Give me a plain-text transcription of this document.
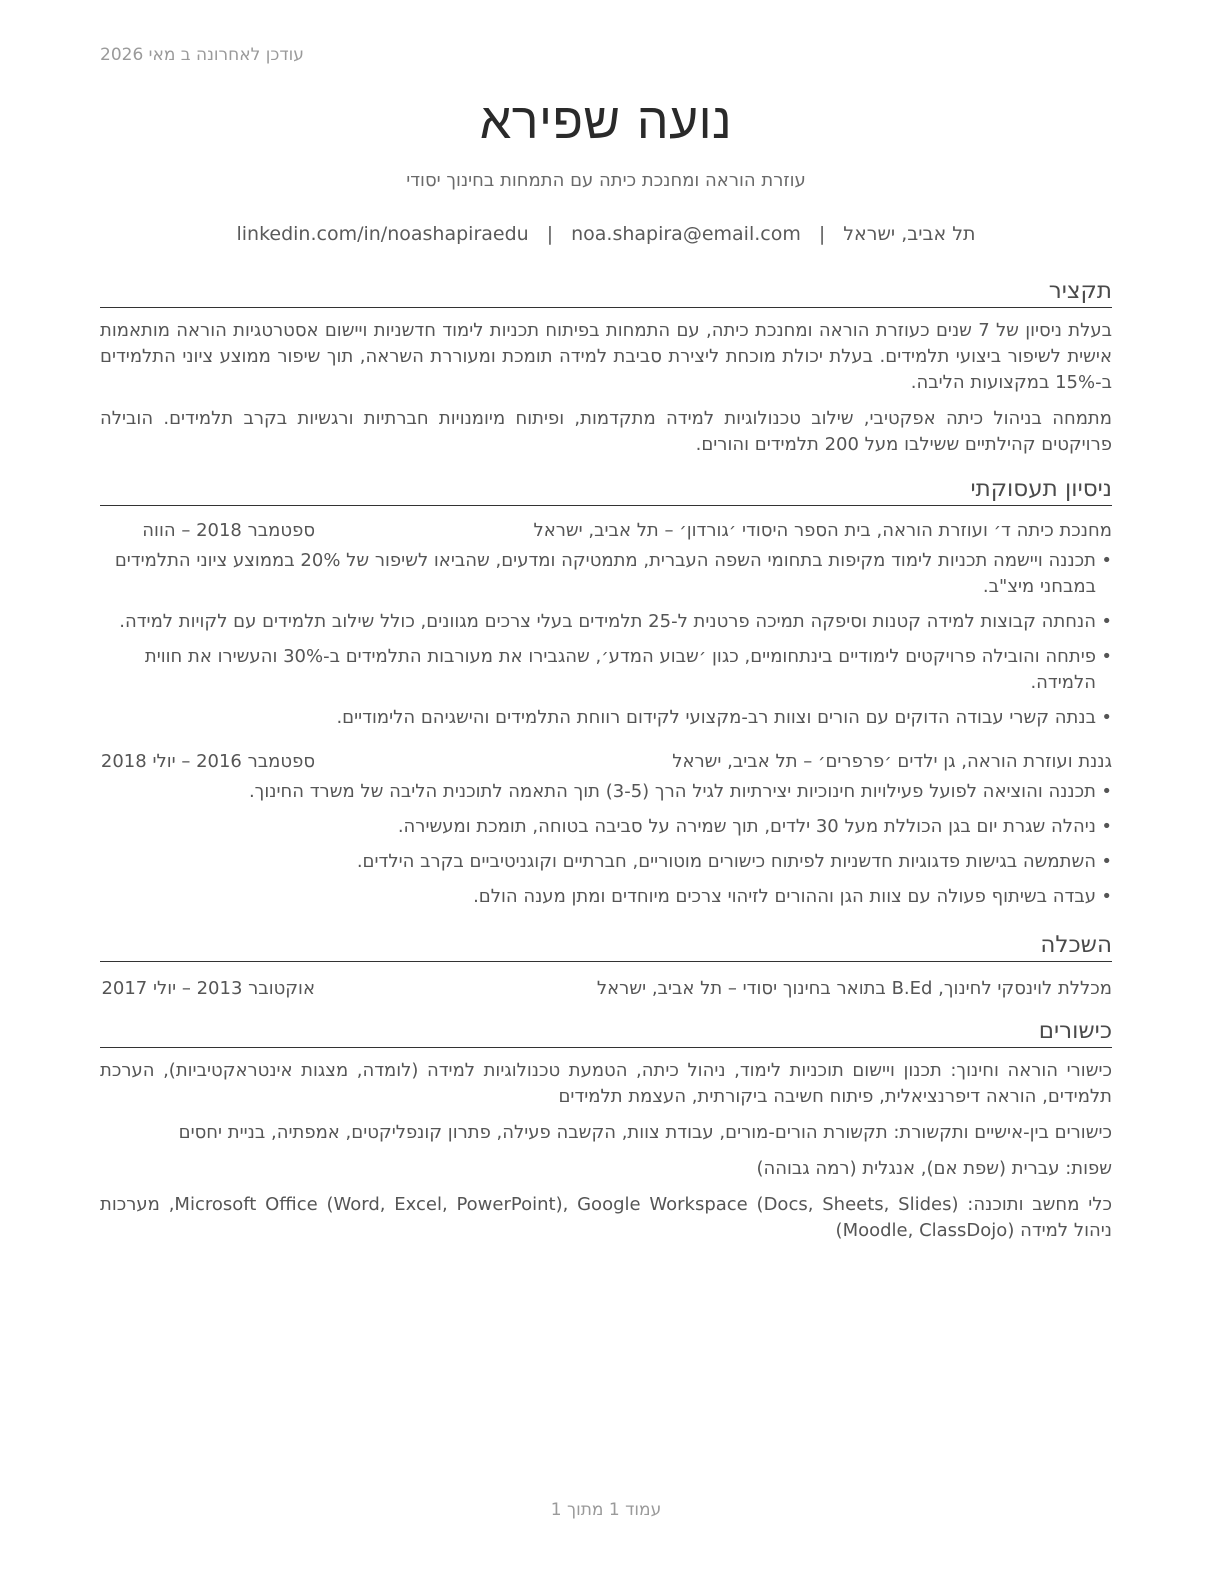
עודכן לאחרונה ב מאי 2026
נועה שפירא
עוזרת הוראה ומחנכת כיתה עם התמחות בחינוך יסודי
תל אביב, ישראל|noa.shapira@email.com|linkedin.com/in/noashapiraedu
תקציר

בעלת ניסיון של 7 שנים כעוזרת הוראה ומחנכת כיתה, עם התמחות בפיתוח תכניות לימוד חדשניות ויישום אסטרטגיות הוראה מותאמות אישית לשיפור ביצועי תלמידים. בעלת יכולת מוכחת ליצירת סביבת למידה תומכת ומעוררת השראה, תוך שיפור ממוצע ציוני התלמידים ב-15% במקצועות הליבה.

מתמחה בניהול כיתה אפקטיבי, שילוב טכנולוגיות למידה מתקדמות, ופיתוח מיומנויות חברתיות ורגשיות בקרב תלמידים. הובילה פרויקטים קהילתיים ששילבו מעל 200 תלמידים והורים.

ניסיון תעסוקתי
מחנכת כיתה ד׳ ועוזרת הוראה, בית הספר היסודי ׳גורדון׳ – תל אביב, ישראל
ספטמבר 2018 – הווה
• תכננה ויישמה תכניות לימוד מקיפות בתחומי השפה העברית, מתמטיקה ומדעים, שהביאו לשיפור של 20% בממוצע ציוני התלמידים במבחני מיצ"ב.
• הנחתה קבוצות למידה קטנות וסיפקה תמיכה פרטנית ל-25 תלמידים בעלי צרכים מגוונים, כולל שילוב תלמידים עם לקויות למידה.
• פיתחה והובילה פרויקטים לימודיים בינתחומיים, כגון ׳שבוע המדע׳, שהגבירו את מעורבות התלמידים ב-30% והעשירו את חווית הלמידה.
• בנתה קשרי עבודה הדוקים עם הורים וצוות רב-מקצועי לקידום רווחת התלמידים והישגיהם הלימודיים.
גננת ועוזרת הוראה, גן ילדים ׳פרפרים׳ – תל אביב, ישראל
ספטמבר 2016 – יולי 2018
• תכננה והוציאה לפועל פעילויות חינוכיות יצירתיות לגיל הרך (3-5) תוך התאמה לתוכנית הליבה של משרד החינוך.
• ניהלה שגרת יום בגן הכוללת מעל 30 ילדים, תוך שמירה על סביבה בטוחה, תומכת ומעשירה.
• השתמשה בגישות פדגוגיות חדשניות לפיתוח כישורים מוטוריים, חברתיים וקוגניטיביים בקרב הילדים.
• עבדה בשיתוף פעולה עם צוות הגן וההורים לזיהוי צרכים מיוחדים ומתן מענה הולם.
השכלה
מכללת לוינסקי לחינוך, B.Ed בתואר בחינוך יסודי – תל אביב, ישראל
אוקטובר 2013 – יולי 2017
כישורים
כישורי הוראה וחינוך: תכנון ויישום תוכניות לימוד, ניהול כיתה, הטמעת טכנולוגיות למידה (לומדה, מצגות אינטראקטיביות), הערכת תלמידים, הוראה דיפרנציאלית, פיתוח חשיבה ביקורתית, העצמת תלמידים
כישורים בין-אישיים ותקשורת: תקשורת הורים-מורים, עבודת צוות, הקשבה פעילה, פתרון קונפליקטים, אמפתיה, בניית יחסים
שפות: עברית (שפת אם), אנגלית (רמה גבוהה)
כלי מחשב ותוכנה: Microsoft Office (Word, Excel, PowerPoint), Google Workspace (Docs, Sheets, Slides), מערכות ניהול למידה (Moodle, ClassDojo)
עמוד 1 מתוך 1
